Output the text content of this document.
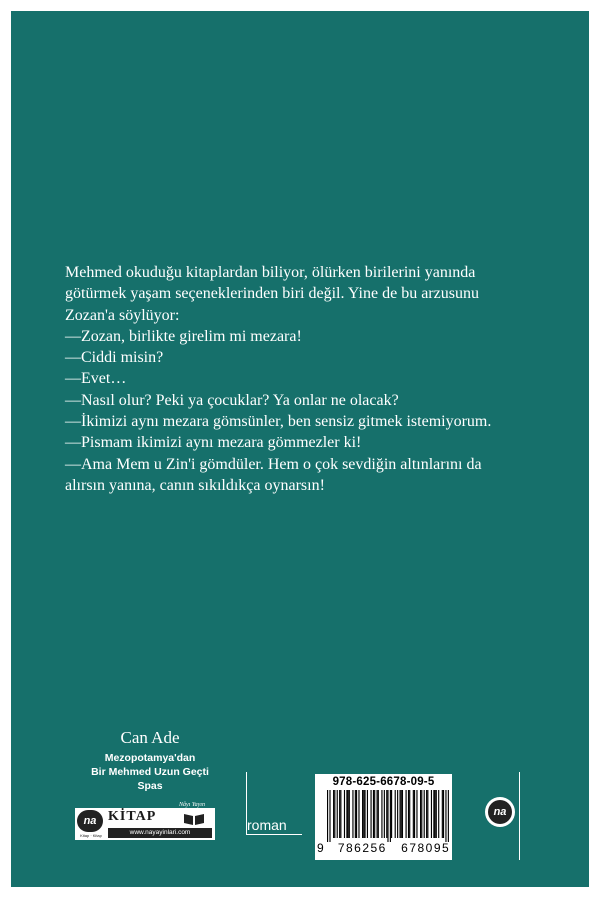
Mehmed okuduğu kitaplardan biliyor, ölürken birilerini yanında

götürmek yaşam seçeneklerinden biri değil. Yine de bu arzusunu

Zozan'a söylüyor:

—Zozan, birlikte girelim mi mezara!

—Ciddi misin?

—Evet…

—Nasıl olur? Peki ya çocuklar? Ya onlar ne olacak?

—İkimizi aynı mezara gömsünler, ben sensiz gitmek istemiyorum.

—Pismam ikimizi aynı mezara gömmezler ki!

—Ama Mem u Zin'i gömdüler. Hem o çok sevdiğin altınlarını da

alırsın yanına, canın sıkıldıkça oynarsın!

Can Ade
Mezopotamya'dan
Bir Mehmed Uzun Geçti
Spas
na
Kitap · Kitap
KİTAP
Nâyı Yayın
www.nayayinlari.com	roman
978-625-6678-09-5
9 786256 678095
na
